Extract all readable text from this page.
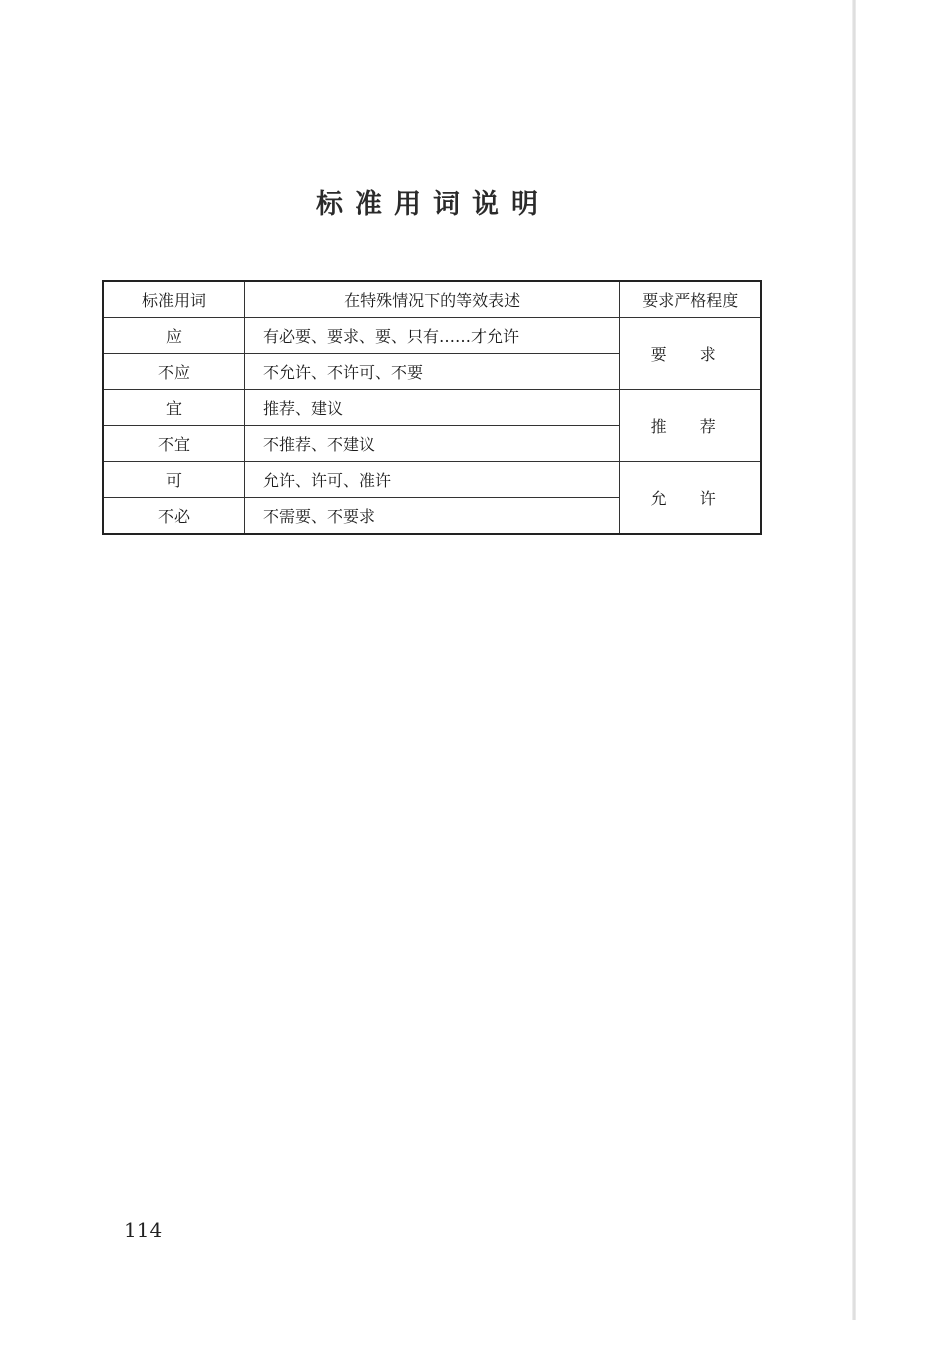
标准用词说明
标准用词	在特殊情况下的等效表述	要求严格程度
应	有必要、要求、要、只有……才允许	要 求
不应	不允许、不许可、不要	
宜	推荐、建议	推 荐
不宜	不推荐、不建议	
可	允许、许可、准许	允 许
不必	不需要、不要求	
114
